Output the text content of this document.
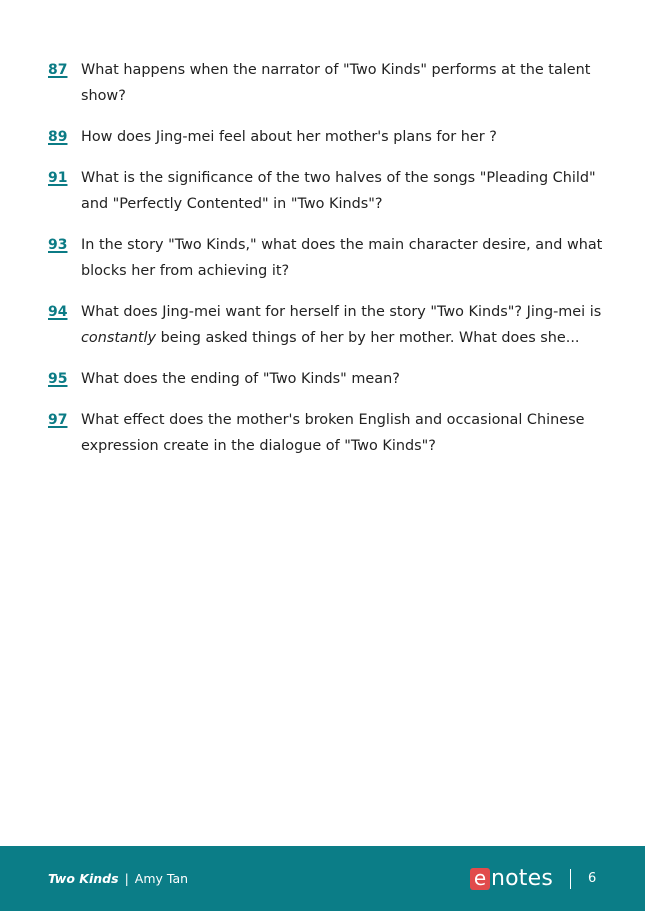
87 What happens when the narrator of "Two Kinds" performs at the talent show?
89 How does Jing-mei feel about her mother's plans for her ?
91 What is the significance of the two halves of the songs "Pleading Child" and "Perfectly Contented" in "Two Kinds"?
93 In the story "Two Kinds," what does the main character desire, and what blocks her from achieving it?
94 What does Jing-mei want for herself in the story "Two Kinds"? Jing-mei is constantly being asked things of her by her mother. What does she...
95 What does the ending of "Two Kinds" mean?
97 What effect does the mother's broken English and occasional Chinese expression create in the dialogue of "Two Kinds"?
Two Kinds | Amy Tan	e notes	6
